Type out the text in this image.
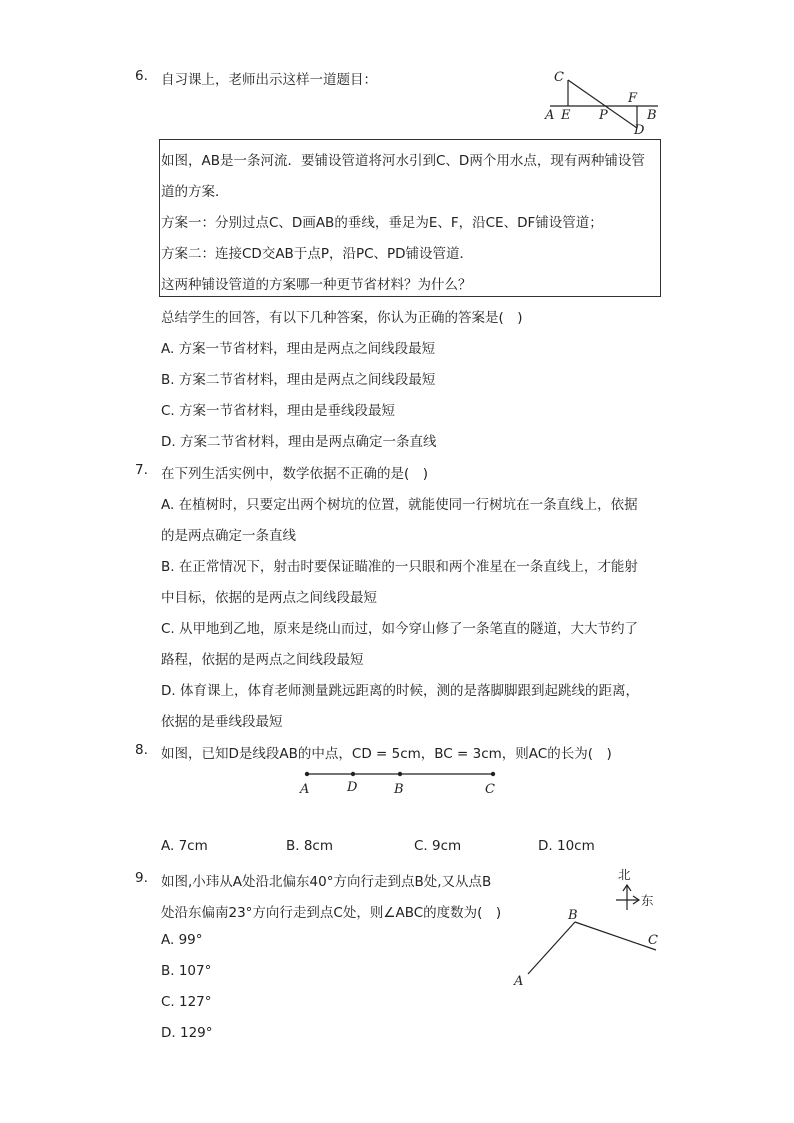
6. 自习课上，老师出示这样一道题目：	C
F
A E P	B
D
如图，AB是一条河流．要铺设管道将河水引到C、D两个用水点，现有两种铺设管
道的方案．
方案一：分别过点C、D画AB的垂线，垂足为E、F，沿CE、DF铺设管道；
方案二：连接CD交AB于点P，沿PC、PD铺设管道．
这两种铺设管道的方案哪一种更节省材料？为什么？
总结学生的回答，有以下几种答案，你认为正确的答案是(　)
A. 方案一节省材料，理由是两点之间线段最短
B. 方案二节省材料，理由是两点之间线段最短
C. 方案一节省材料，理由是垂线段最短
D. 方案二节省材料，理由是两点确定一条直线
7. 在下列生活实例中，数学依据不正确的是(　)
A. 在植树时，只要定出两个树坑的位置，就能使同一行树坑在一条直线上，依据
的是两点确定一条直线
B. 在正常情况下，射击时要保证瞄准的一只眼和两个准星在一条直线上，才能射
中目标，依据的是两点之间线段最短
C. 从甲地到乙地，原来是绕山而过，如今穿山修了一条笔直的隧道，大大节约了
路程，依据的是两点之间线段最短
D. 体育课上，体育老师测量跳远距离的时候，测的是落脚脚跟到起跳线的距离，
依据的是垂线段最短
8. 如图，已知D是线段AB的中点，CD = 5cm，BC = 3cm，则AC的长为(　)
A	D	B	C
A. 7cm	B. 8cm	C. 9cm	D. 10cm
9. 如图,小玮从A处沿北偏东40°方向行走到点B处,又从点B
处沿东偏南23°方向行走到点C处，则∠ABC的度数为(　)
A. 99°
B. 107°
C. 127°
D. 129°
北
东
B
C
A
